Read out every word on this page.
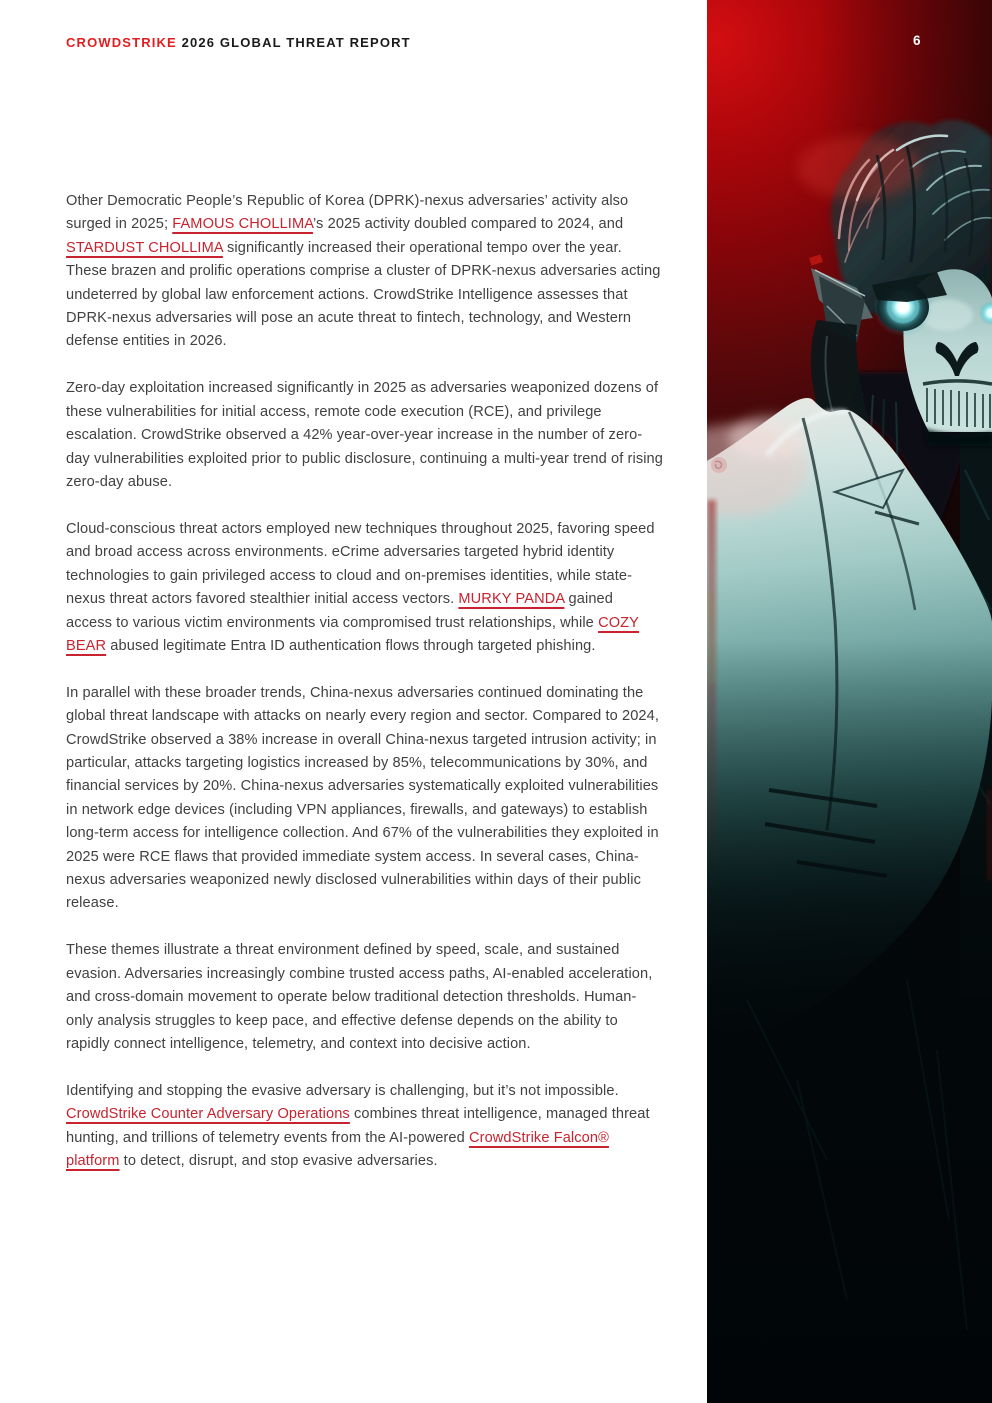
CROWDSTRIKE 2026 GLOBAL THREAT REPORT

Other Democratic People’s Republic of Korea (DPRK)-nexus adversaries’ activity also surged in 2025; FAMOUS CHOLLIMA’s 2025 activity doubled compared to 2024, and STARDUST CHOLLIMA significantly increased their operational tempo over the year. These brazen and prolific operations comprise a cluster of DPRK-nexus adversaries acting undeterred by global law enforcement actions. CrowdStrike Intelligence assesses that DPRK-nexus adversaries will pose an acute threat to fintech, technology, and Western defense entities in 2026.

Zero-day exploitation increased significantly in 2025 as adversaries weaponized dozens of these vulnerabilities for initial access, remote code execution (RCE), and privilege escalation. CrowdStrike observed a 42% year-over-year increase in the number of zero-day vulnerabilities exploited prior to public disclosure, continuing a multi-year trend of rising zero-day abuse.

Cloud-conscious threat actors employed new techniques throughout 2025, favoring speed and broad access across environments. eCrime adversaries targeted hybrid identity technologies to gain privileged access to cloud and on-premises identities, while state-nexus threat actors favored stealthier initial access vectors. MURKY PANDA gained access to various victim environments via compromised trust relationships, while COZY BEAR abused legitimate Entra ID authentication flows through targeted phishing.

In parallel with these broader trends, China-nexus adversaries continued dominating the global threat landscape with attacks on nearly every region and sector. Compared to 2024, CrowdStrike observed a 38% increase in overall China-nexus targeted intrusion activity; in particular, attacks targeting logistics increased by 85%, telecommunications by 30%, and financial services by 20%. China-nexus adversaries systematically exploited vulnerabilities in network edge devices (including VPN appliances, firewalls, and gateways) to establish long-term access for intelligence collection. And 67% of the vulnerabilities they exploited in 2025 were RCE flaws that provided immediate system access. In several cases, China-nexus adversaries weaponized newly disclosed vulnerabilities within days of their public release.

These themes illustrate a threat environment defined by speed, scale, and sustained evasion. Adversaries increasingly combine trusted access paths, AI-enabled acceleration, and cross-domain movement to operate below traditional detection thresholds. Human-only analysis struggles to keep pace, and effective defense depends on the ability to rapidly connect intelligence, telemetry, and context into decisive action.

Identifying and stopping the evasive adversary is challenging, but it’s not impossible. CrowdStrike Counter Adversary Operations combines threat intelligence, managed threat hunting, and trillions of telemetry events from the AI-powered CrowdStrike Falcon® platform to detect, disrupt, and stop evasive adversaries.

6
